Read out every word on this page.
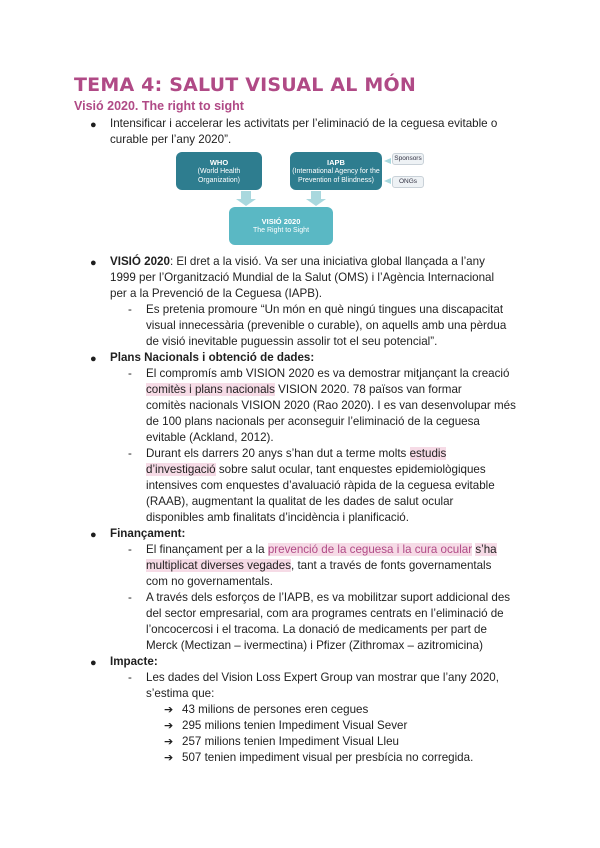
TEMA 4: SALUT VISUAL AL MÓN
Visió 2020. The right to sight
● Intensificar i accelerar les activitats per l’eliminació de la ceguesa evitable o

curable per l’any 2020”.

WHO
(World Health Organization)
IAPB
(International Agency for the
Prevention of Blindness)
VISIÓ 2020
The Right to Sight
Sponsors
ONGs
● VISIÓ 2020: El dret a la visió. Va ser una iniciativa global llançada a l’any

1999 per l’Organització Mundial de la Salut (OMS) i l’Agència Internacional

per a la Prevenció de la Ceguesa (IAPB).

- Es pretenia promoure “Un món en què ningú tingues una discapacitat

visual innecessària (prevenible o curable), on aquells amb una pèrdua

de visió inevitable puguessin assolir tot el seu potencial”.

● Plans Nacionals i obtenció de dades:

- El compromís amb VISION 2020 es va demostrar mitjançant la creació

comitès i plans nacionals VISION 2020. 78 països van formar

comitès nacionals VISION 2020 (Rao 2020). I es van desenvolupar més

de 100 plans nacionals per aconseguir l’eliminació de la ceguesa

evitable (Ackland, 2012).

- Durant els darrers 20 anys s’han dut a terme molts estudis

d’investigació sobre salut ocular, tant enquestes epidemiològiques

intensives com enquestes d’avaluació ràpida de la ceguesa evitable

(RAAB), augmentant la qualitat de les dades de salut ocular

disponibles amb finalitats d’incidència i planificació.

● Finançament:

- El finançament per a la prevenció de la ceguesa i la cura ocular s’ha

multiplicat diverses vegades, tant a través de fonts governamentals

com no governamentals.

- A través dels esforços de l’IAPB, es va mobilitzar suport addicional des

del sector empresarial, com ara programes centrats en l’eliminació de

l’oncocercosi i el tracoma. La donació de medicaments per part de

Merck (Mectizan – ivermectina) i Pfizer (Zithromax – azitromicina)

● Impacte:

- Les dades del Vision Loss Expert Group van mostrar que l’any 2020,

s’estima que:

➔ 43 milions de persones eren cegues

➔ 295 milions tenien Impediment Visual Sever

➔ 257 milions tenien Impediment Visual Lleu

➔ 507 tenien impediment visual per presbícia no corregida.
